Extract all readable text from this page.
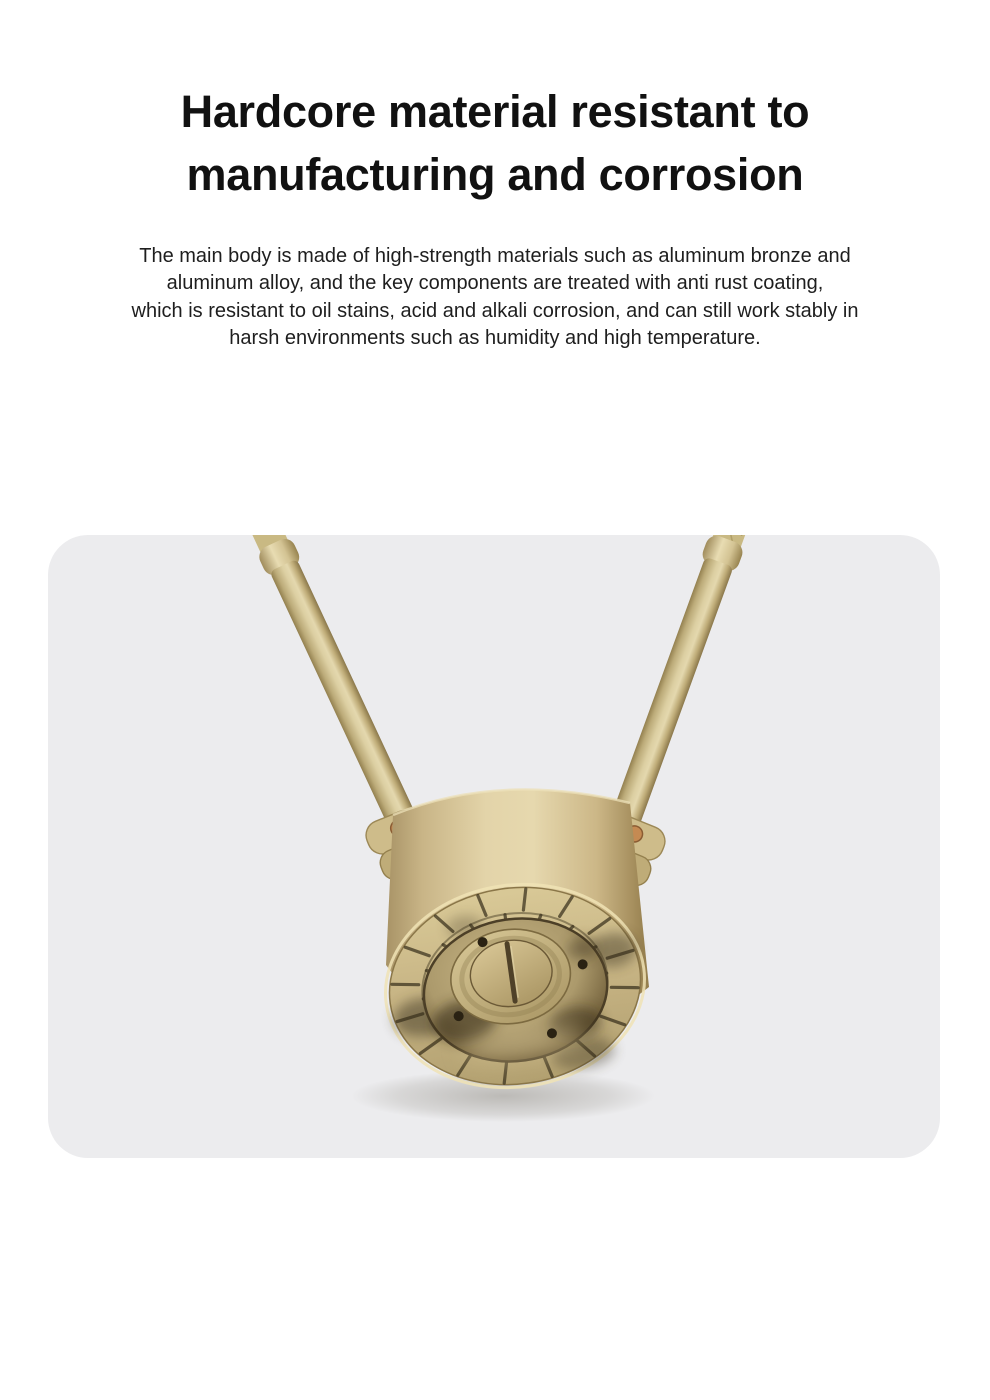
Hardcore material resistant to
manufacturing and corrosion

The main body is made of high-strength materials such as aluminum bronze and
aluminum alloy, and the key components are treated with anti rust coating,
which is resistant to oil stains, acid and alkali corrosion, and can still work stably in
harsh environments such as humidity and high temperature.
